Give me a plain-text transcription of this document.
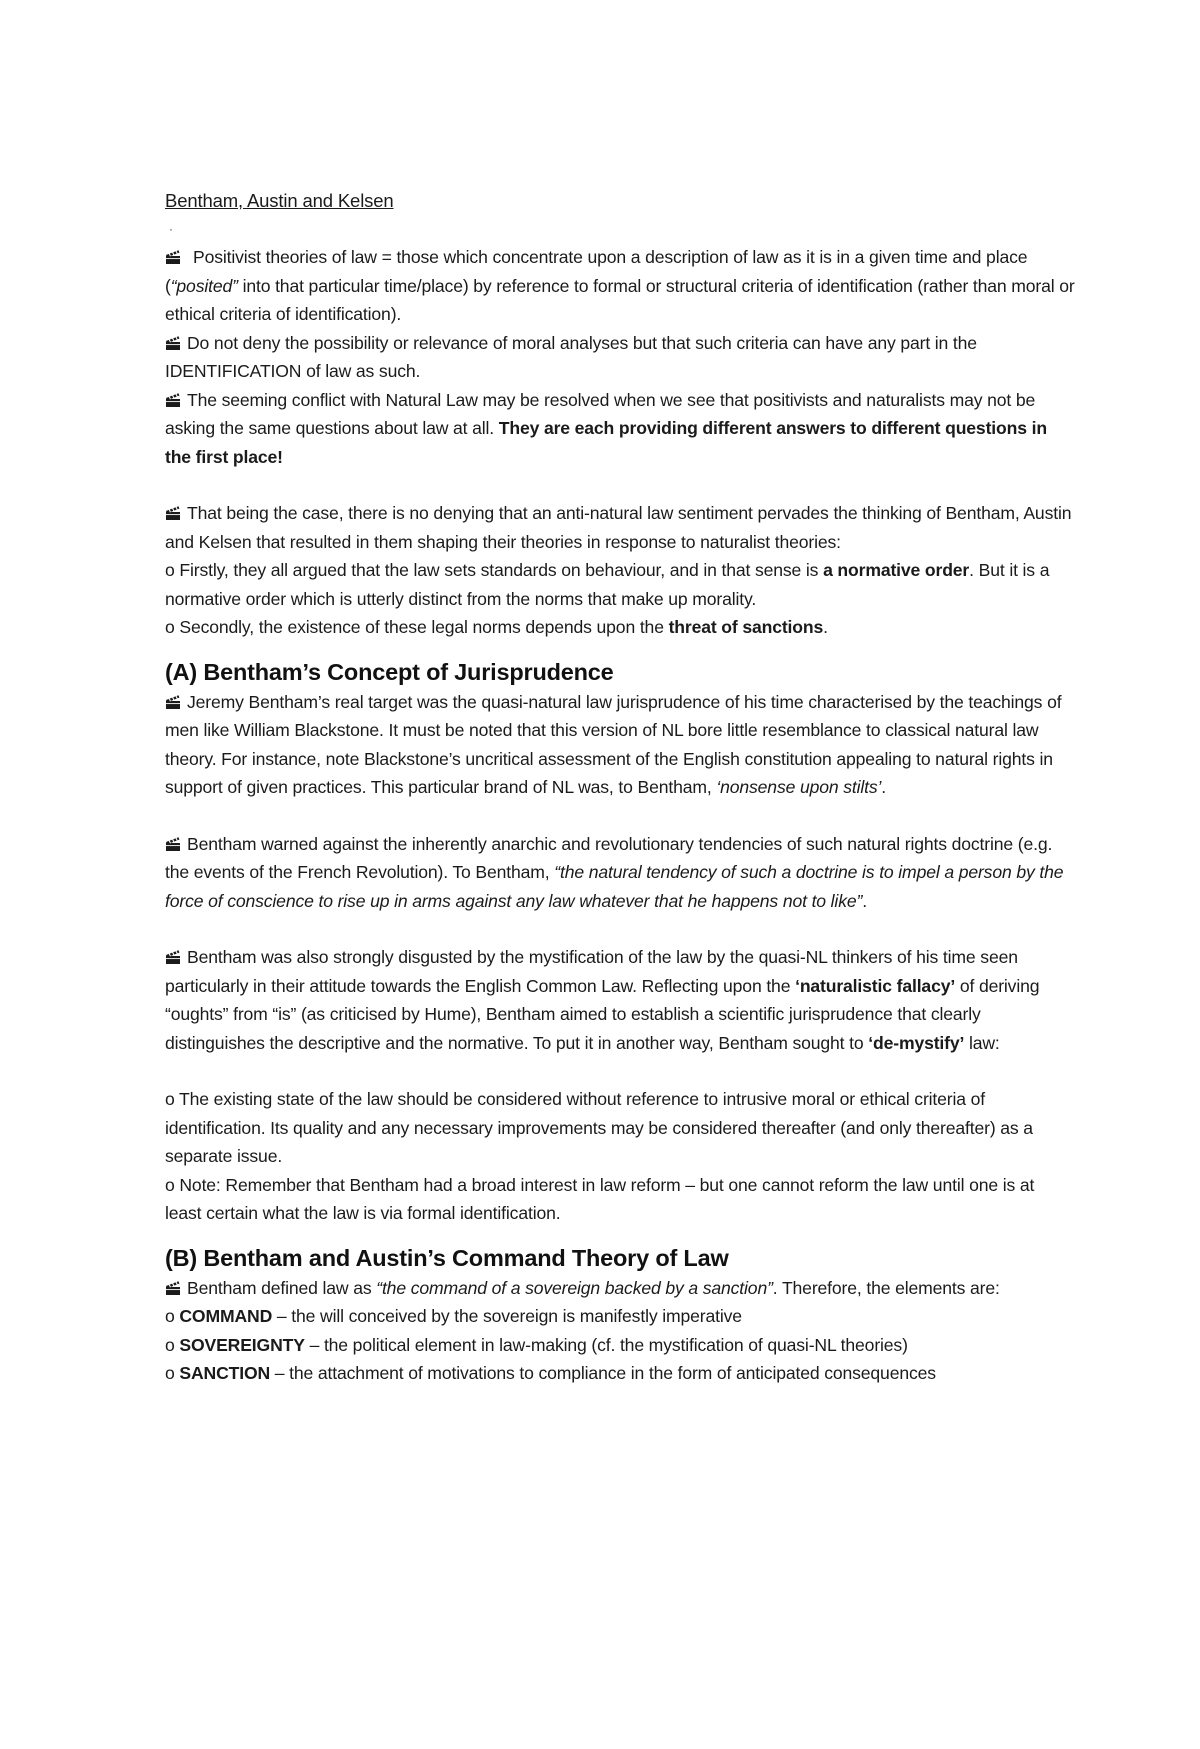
Bentham, Austin and Kelsen
·

Positivist theories of law = those which concentrate upon a description of law as it is in a given time and place (“posited” into that particular time/place) by reference to formal or structural criteria of identification (rather than moral or ethical criteria of identification).

Do not deny the possibility or relevance of moral analyses but that such criteria can have any part in the IDENTIFICATION of law as such.

The seeming conflict with Natural Law may be resolved when we see that positivists and naturalists may not be asking the same questions about law at all. They are each providing different answers to different questions in the first place!

That being the case, there is no denying that an anti-natural law sentiment pervades the thinking of Bentham, Austin and Kelsen that resulted in them shaping their theories in response to naturalist theories:

o Firstly, they all argued that the law sets standards on behaviour, and in that sense is a normative order. But it is a normative order which is utterly distinct from the norms that make up morality.

o Secondly, the existence of these legal norms depends upon the threat of sanctions.

(A) Bentham’s Concept of Jurisprudence

Jeremy Bentham’s real target was the quasi-natural law jurisprudence of his time characterised by the teachings of men like William Blackstone. It must be noted that this version of NL bore little resemblance to classical natural law theory. For instance, note Blackstone’s uncritical assessment of the English constitution appealing to natural rights in support of given practices. This particular brand of NL was, to Bentham, ‘nonsense upon stilts’.

Bentham warned against the inherently anarchic and revolutionary tendencies of such natural rights doctrine (e.g. the events of the French Revolution). To Bentham, “the natural tendency of such a doctrine is to impel a person by the force of conscience to rise up in arms against any law whatever that he happens not to like”.

Bentham was also strongly disgusted by the mystification of the law by the quasi-NL thinkers of his time seen particularly in their attitude towards the English Common Law. Reflecting upon the ‘naturalistic fallacy’ of deriving “oughts” from “is” (as criticised by Hume), Bentham aimed to establish a scientific jurisprudence that clearly distinguishes the descriptive and the normative. To put it in another way, Bentham sought to ‘de-mystify’ law:

o The existing state of the law should be considered without reference to intrusive moral or ethical criteria of identification. Its quality and any necessary improvements may be considered thereafter (and only thereafter) as a separate issue.

o Note: Remember that Bentham had a broad interest in law reform – but one cannot reform the law until one is at least certain what the law is via formal identification.

(B) Bentham and Austin’s Command Theory of Law

Bentham defined law as “the command of a sovereign backed by a sanction”. Therefore, the elements are:

o COMMAND – the will conceived by the sovereign is manifestly imperative

o SOVEREIGNTY – the political element in law-making (cf. the mystification of quasi-NL theories)

o SANCTION – the attachment of motivations to compliance in the form of anticipated consequences
